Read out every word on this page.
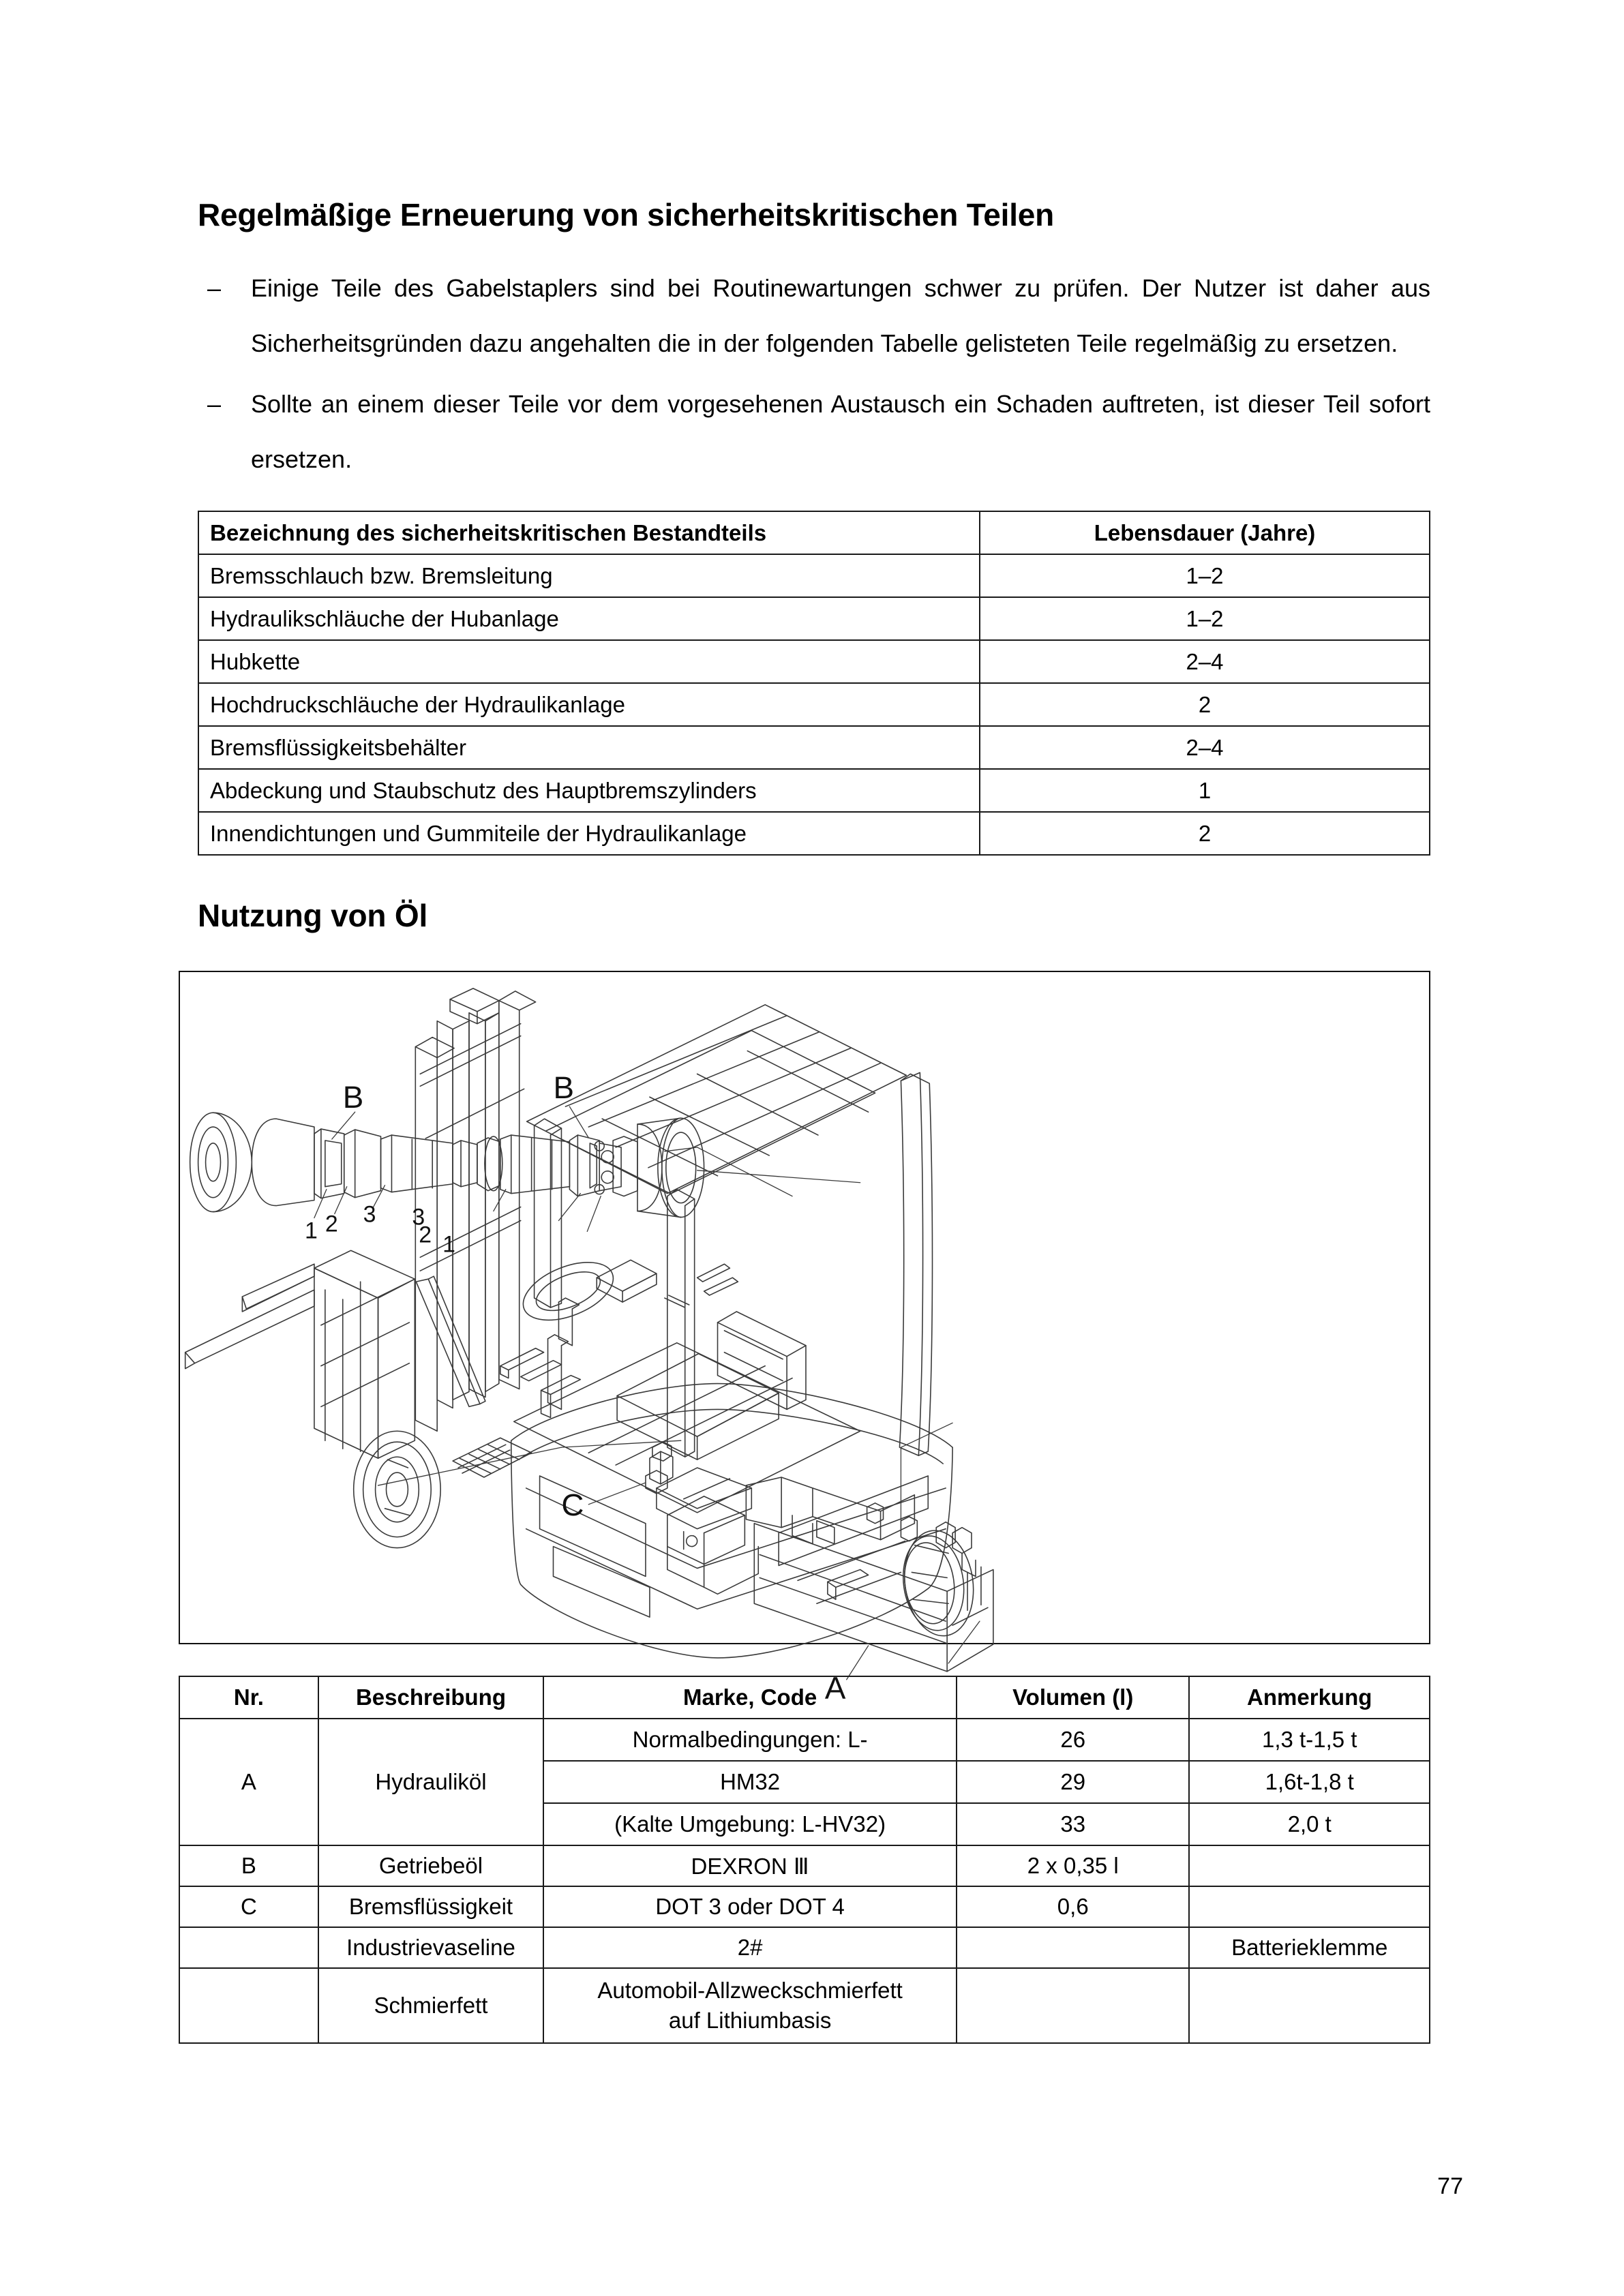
Regelmäßige Erneuerung von sicherheitskritischen Teilen
–	Einige Teile des Gabelstaplers sind bei Routinewartungen schwer zu prüfen. Der Nutzer ist daher aus Sicherheitsgründen dazu angehalten die in der folgenden Tabelle gelisteten Teile regelmäßig zu ersetzen.
–	Sollte an einem dieser Teile vor dem vorgesehenen Austausch ein Schaden auftreten, ist dieser Teil sofort ersetzen.
Bezeichnung des sicherheitskritischen Bestandteils	Lebensdauer (Jahre)
Bremsschlauch bzw. Bremsleitung	1–2
Hydraulikschläuche der Hubanlage	1–2
Hubkette	2–4
Hochdruckschläuche der Hydraulikanlage	2
Bremsflüssigkeitsbehälter	2–4
Abdeckung und Staubschutz des Hauptbremszylinders	1
Innendichtungen und Gummiteile der Hydraulikanlage	2
Nutzung von Öl
B	B
1 2 3 3
2 1
C
A
Nr.	Beschreibung	Marke, Code	Volumen (l)	Anmerkung
A	Hydrauliköl	Normalbedingungen: L-	26	1,3 t-1,5 t
		HM32	29	1,6t-1,8 t
		(Kalte Umgebung: L-HV32)	33	2,0 t
B	Getriebeöl	DEXRON Ⅲ	2 x 0,35 l	
C	Bremsflüssigkeit	DOT 3 oder DOT 4	0,6	
	Industrievaseline	2#		Batterieklemme
	Schmierfett	Automobil-Allzweckschmierfett
auf Lithiumbasis		

77
